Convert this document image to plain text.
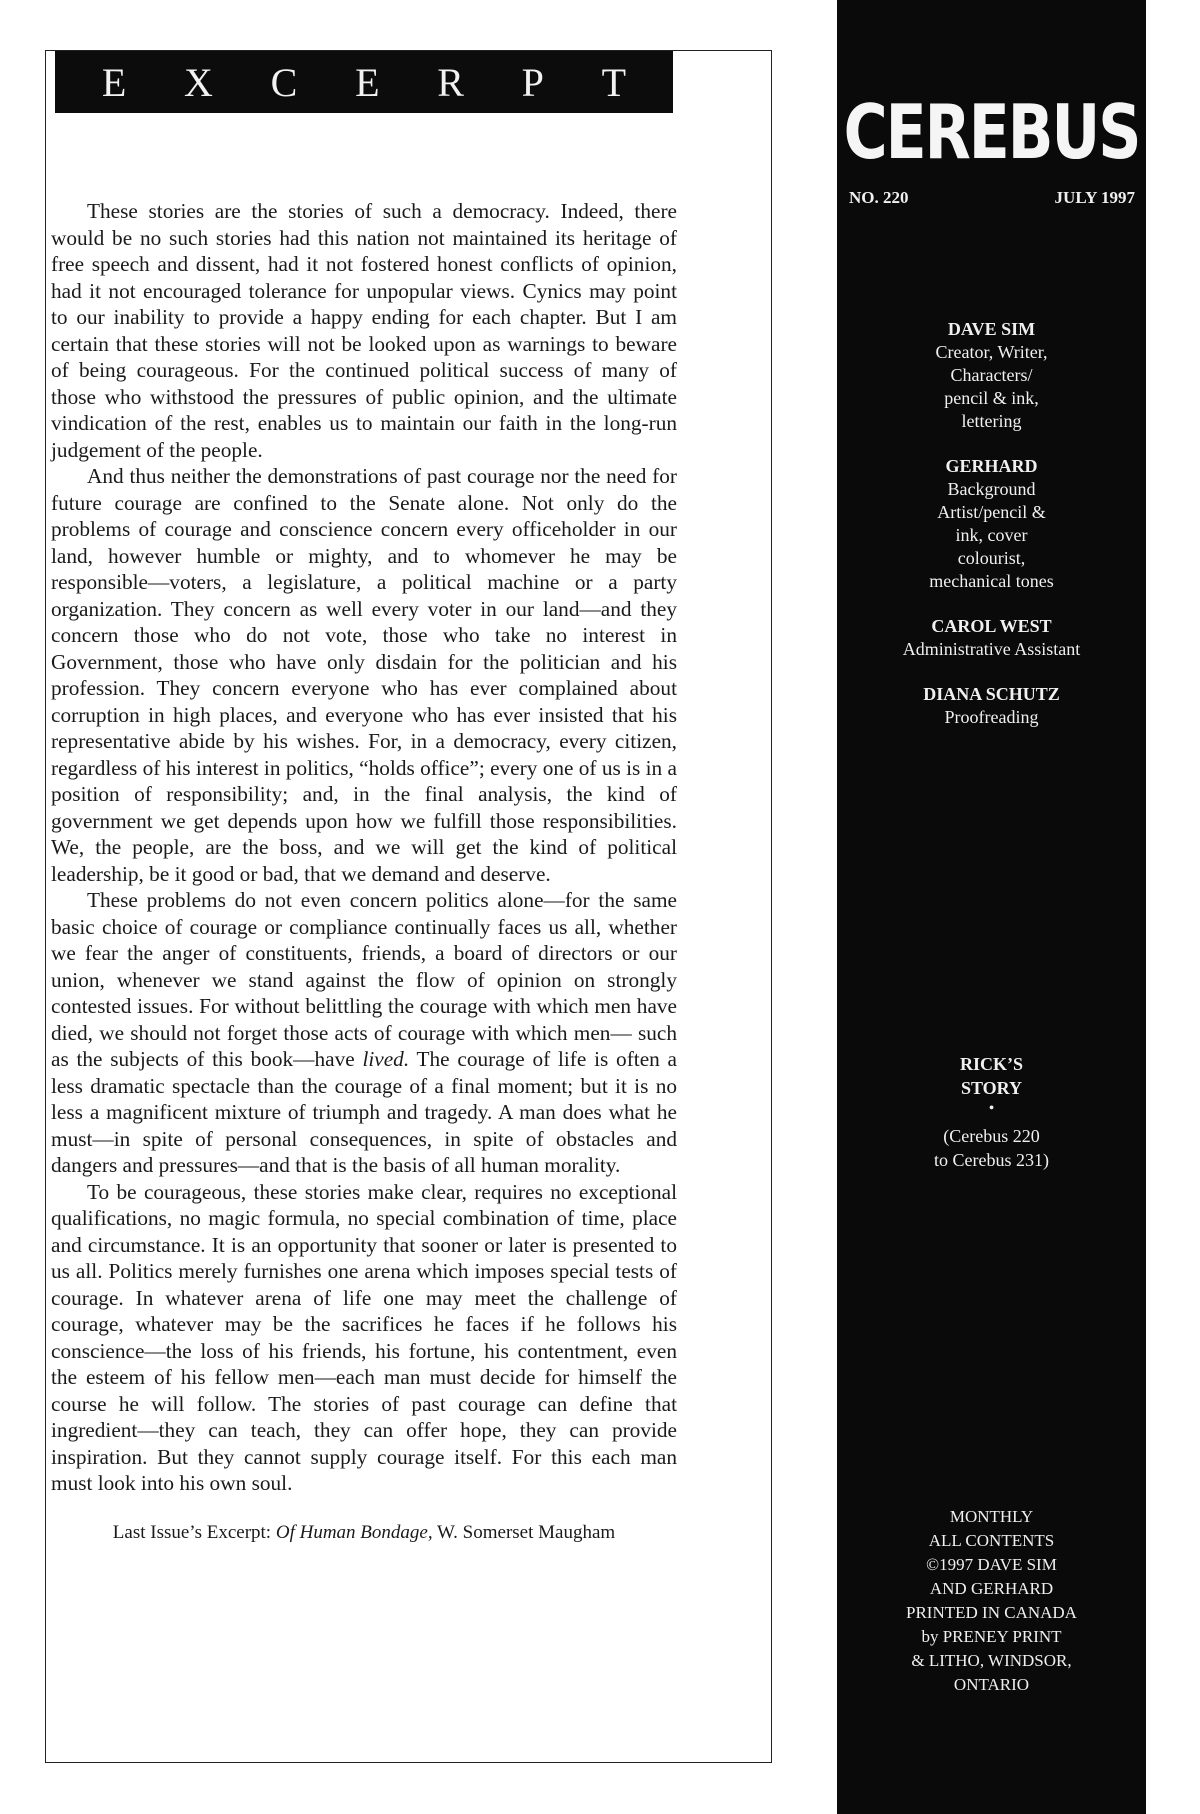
E X C E R P T

These stories are the stories of such a democracy. Indeed, there would be no such stories had this nation not maintained its heritage of free speech and dissent, had it not fostered honest conflicts of opinion, had it not encouraged tolerance for unpopular views. Cynics may point to our inability to provide a happy ending for each chapter. But I am certain that these stories will not be looked upon as warnings to beware of being courageous. For the continued political success of many of those who withstood the pressures of public opinion, and the ultimate vindication of the rest, enables us to maintain our faith in the long-run judgement of the people.

And thus neither the demonstrations of past courage nor the need for future courage are confined to the Senate alone. Not only do the problems of courage and conscience concern every officeholder in our land, however humble or mighty, and to whomever he may be responsible—voters, a legislature, a political machine or a party organization. They concern as well every voter in our land—and they concern those who do not vote, those who take no interest in Government, those who have only disdain for the politician and his profession. They concern everyone who has ever complained about corruption in high places, and everyone who has ever insisted that his representative abide by his wishes. For, in a democracy, every citizen, regardless of his interest in politics, “holds office”; every one of us is in a position of responsibility; and, in the final analysis, the kind of government we get depends upon how we fulfill those responsibilities. We, the people, are the boss, and we will get the kind of political leadership, be it good or bad, that we demand and deserve.

These problems do not even concern politics alone—for the same basic choice of courage or compliance continually faces us all, whether we fear the anger of constituents, friends, a board of directors or our union, whenever we stand against the flow of opinion on strongly contested issues. For without belittling the courage with which men have died, we should not forget those acts of courage with which men— such as the subjects of this book—have lived. The courage of life is often a less dramatic spectacle than the courage of a final moment; but it is no less a magnificent mixture of triumph and tragedy. A man does what he must—in spite of personal consequences, in spite of obstacles and dangers and pressures—and that is the basis of all human morality.

To be courageous, these stories make clear, requires no exceptional qualifications, no magic formula, no special combination of time, place and circumstance. It is an opportunity that sooner or later is presented to us all. Politics merely furnishes one arena which imposes special tests of courage. In whatever arena of life one may meet the challenge of courage, whatever may be the sacrifices he faces if he follows his conscience—the loss of his friends, his fortune, his contentment, even the esteem of his fellow men—each man must decide for himself the course he will follow. The stories of past courage can define that ingredient—they can teach, they can offer hope, they can provide inspiration. But they cannot supply courage itself. For this each man must look into his own soul.

Last Issue’s Excerpt: Of Human Bondage, W. Somerset Maugham
CEREBUS
NO. 220	JULY 1997
DAVE SIM
Creator, Writer,
Characters/
pencil & ink,
lettering
GERHARD
Background
Artist/pencil &
ink, cover
colourist,
mechanical tones
CAROL WEST
Administrative Assistant
DIANA SCHUTZ
Proofreading
RICK’S
STORY
•
(Cerebus 220
to Cerebus 231)
MONTHLY
ALL CONTENTS
©1997 DAVE SIM
AND GERHARD
PRINTED IN CANADA
by PRENEY PRINT
& LITHO, WINDSOR,
ONTARIO
